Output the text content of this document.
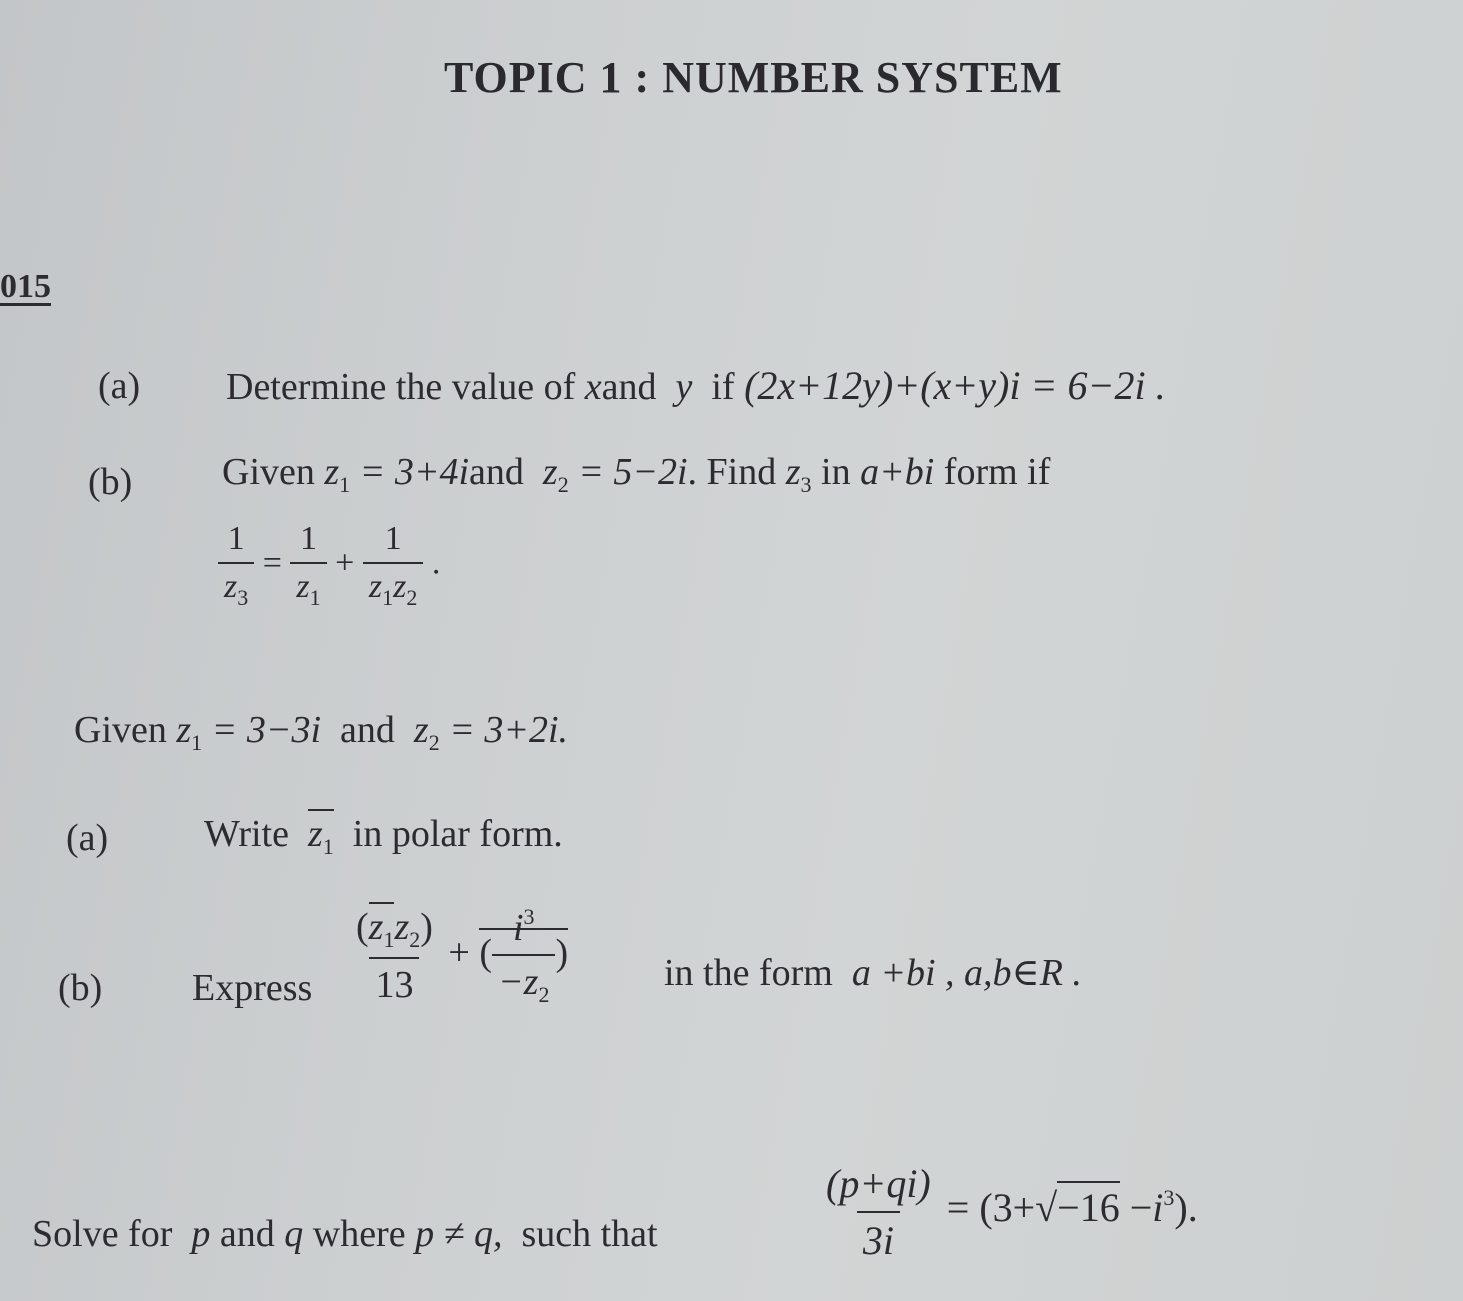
TOPIC 1 : NUMBER SYSTEM
015
(a) Determine the value of xand y if (2x+12y)+(x+y)i = 6−2i .
(b) Given $z_1$ = 3+4iand $z_2 = 5-2i$. Find $z_3$ in a+bi form if
$\frac{1}{z_3} = \frac{1}{z_1} + \frac{1}{z_1z_2}$ .
Given $z_1 = 3-3i$ and $z_2 = 3+2i$.
(a)	Write $z_1$ in polar form.
(b) Express $\frac{(z_1z_2)}{13}$ + ( $\frac{i^3}{-z_2}$ )	in the form a +bi , a,b∈R .
Solve for p and q where p ≠ q, such that	$\frac{(p+qi)}{3i} = (3+√-16 -i^3)$.
